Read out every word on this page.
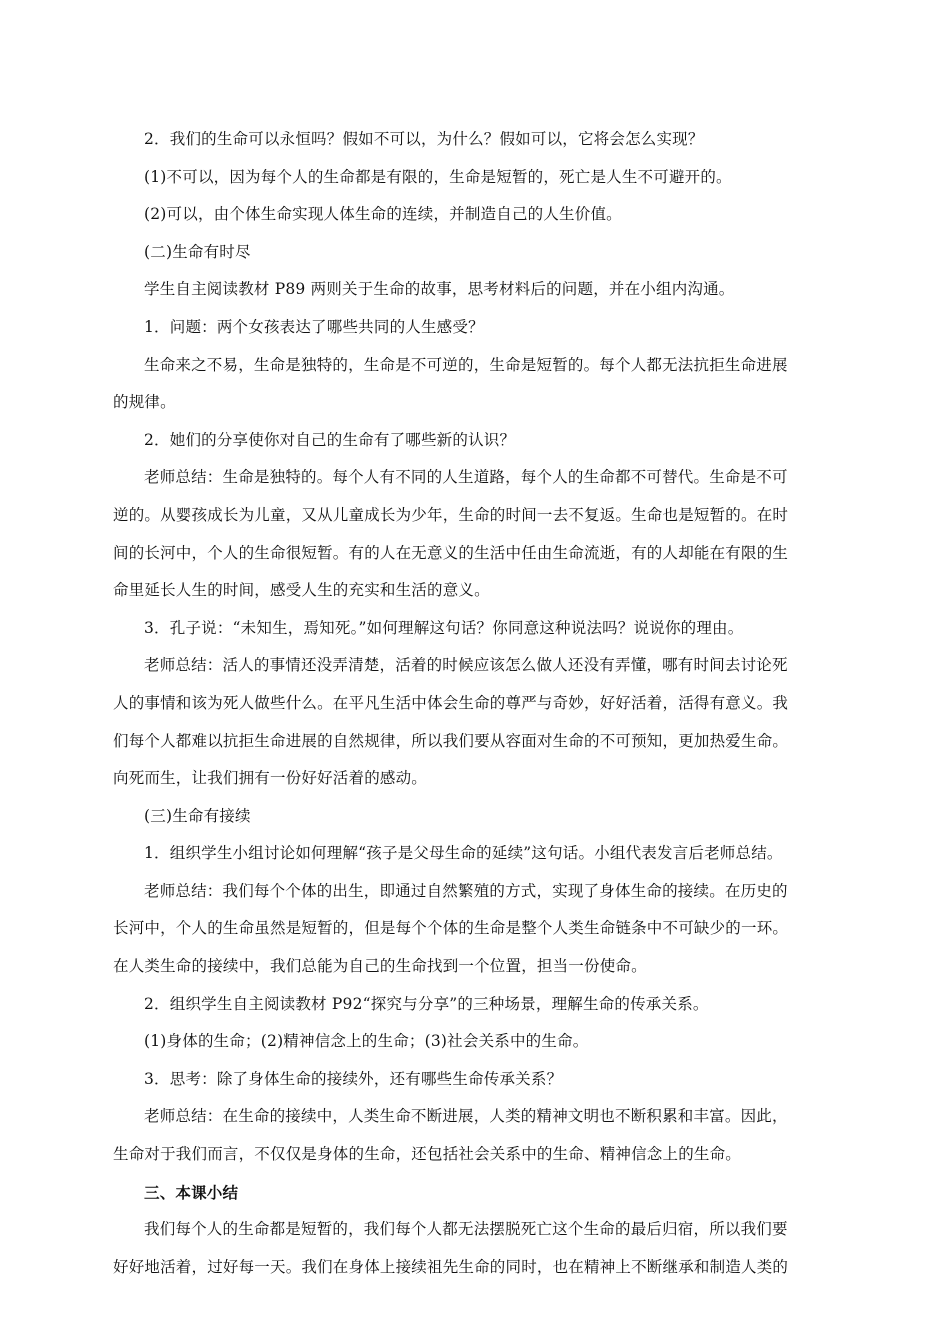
2．我们的生命可以永恒吗？假如不可以，为什么？假如可以，它将会怎么实现？

(1)不可以，因为每个人的生命都是有限的，生命是短暂的，死亡是人生不可避开的。

(2)可以，由个体生命实现人体生命的连续，并制造自己的人生价值。

(二)生命有时尽

学生自主阅读教材 P89 两则关于生命的故事，思考材料后的问题，并在小组内沟通。

1．问题：两个女孩表达了哪些共同的人生感受？

生命来之不易，生命是独特的，生命是不可逆的，生命是短暂的。每个人都无法抗拒生命进展

的规律。

2．她们的分享使你对自己的生命有了哪些新的认识？

老师总结：生命是独特的。每个人有不同的人生道路，每个人的生命都不可替代。生命是不可

逆的。从婴孩成长为儿童，又从儿童成长为少年，生命的时间一去不复返。生命也是短暂的。在时

间的长河中，个人的生命很短暂。有的人在无意义的生活中任由生命流逝，有的人却能在有限的生

命里延长人生的时间，感受人生的充实和生活的意义。

3．孔子说：“未知生，焉知死。”如何理解这句话？你同意这种说法吗？说说你的理由。

老师总结：活人的事情还没弄清楚，活着的时候应该怎么做人还没有弄懂，哪有时间去讨论死

人的事情和该为死人做些什么。在平凡生活中体会生命的尊严与奇妙，好好活着，活得有意义。我

们每个人都难以抗拒生命进展的自然规律，所以我们要从容面对生命的不可预知，更加热爱生命。

向死而生，让我们拥有一份好好活着的感动。

(三)生命有接续

1．组织学生小组讨论如何理解“孩子是父母生命的延续”这句话。小组代表发言后老师总结。

老师总结：我们每个个体的出生，即通过自然繁殖的方式，实现了身体生命的接续。在历史的

长河中，个人的生命虽然是短暂的，但是每个个体的生命是整个人类生命链条中不可缺少的一环。

在人类生命的接续中，我们总能为自己的生命找到一个位置，担当一份使命。

2．组织学生自主阅读教材 P92“探究与分享”的三种场景，理解生命的传承关系。

(1)身体的生命；(2)精神信念上的生命；(3)社会关系中的生命。

3．思考：除了身体生命的接续外，还有哪些生命传承关系？

老师总结：在生命的接续中，人类生命不断进展，人类的精神文明也不断积累和丰富。因此，

生命对于我们而言，不仅仅是身体的生命，还包括社会关系中的生命、精神信念上的生命。

三、本课小结

我们每个人的生命都是短暂的，我们每个人都无法摆脱死亡这个生命的最后归宿，所以我们要

好好地活着，过好每一天。我们在身体上接续祖先生命的同时，也在精神上不断继承和制造人类的
